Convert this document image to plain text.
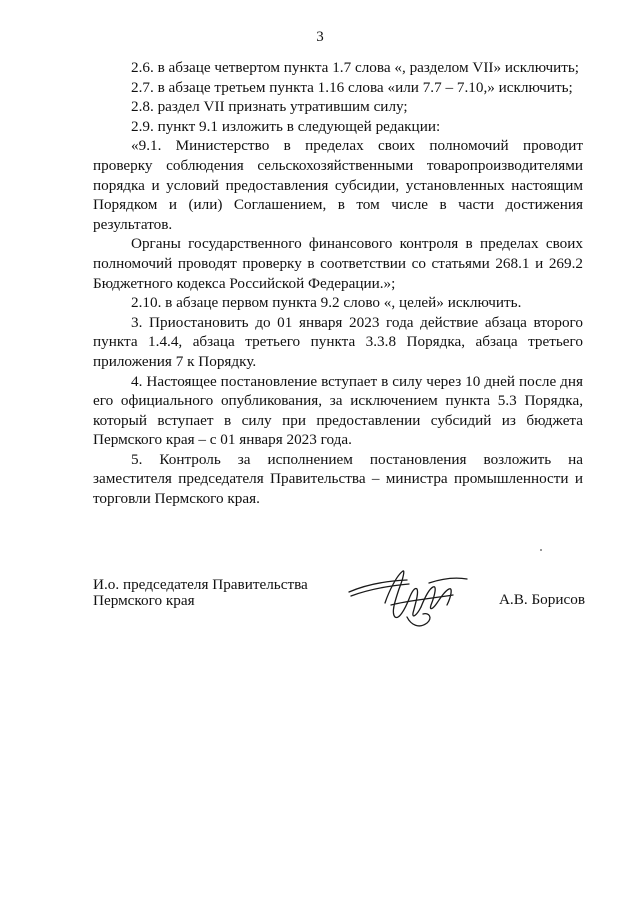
3

2.6. в абзаце четвертом пункта 1.7 слова «, разделом VII» исключить;

2.7. в абзаце третьем пункта 1.16 слова «или 7.7 – 7.10,» исключить;

2.8. раздел VII признать утратившим силу;

2.9. пункт 9.1 изложить в следующей редакции:

«9.1. Министерство в пределах своих полномочий проводит проверку соблюдения сельскохозяйственными товаропроизводителями порядка и условий предоставления субсидии, установленных настоящим Порядком и (или) Соглашением, в том числе в части достижения результатов.

Органы государственного финансового контроля в пределах своих полномочий проводят проверку в соответствии со статьями 268.1 и 269.2 Бюджетного кодекса Российской Федерации.»;

2.10. в абзаце первом пункта 9.2 слово «, целей» исключить.

3. Приостановить до 01 января 2023 года действие абзаца второго пункта 1.4.4, абзаца третьего пункта 3.3.8 Порядка, абзаца третьего приложения 7 к Порядку.

4. Настоящее постановление вступает в силу через 10 дней после дня его официального опубликования, за исключением пункта 5.3 Порядка, который вступает в силу при предоставлении субсидий из бюджета Пермского края – с 01 января 2023 года.

5. Контроль за исполнением постановления возложить на заместителя председателя Правительства – министра промышленности и торговли Пермского края.

И.о. председателя Правительства
Пермского края	А.В. Борисов
